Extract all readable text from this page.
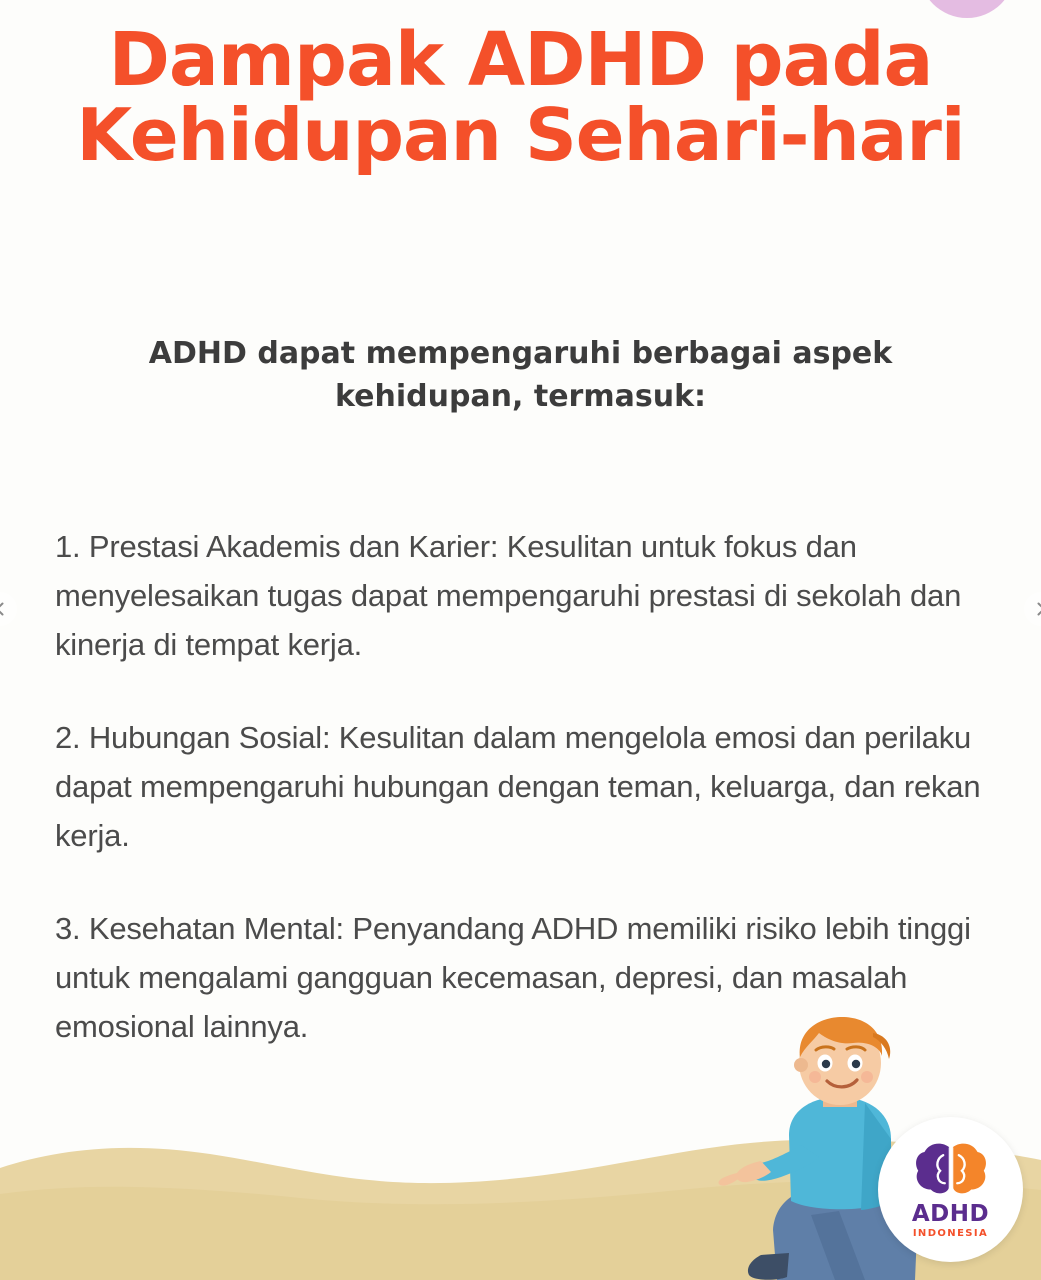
Dampak ADHD pada
Kehidupan Sehari-hari
ADHD dapat mempengaruhi berbagai aspek kehidupan, termasuk:

1. Prestasi Akademis dan Karier: Kesulitan untuk fokus dan menyelesaikan tugas dapat mempengaruhi prestasi di sekolah dan kinerja di tempat kerja.

2. Hubungan Sosial: Kesulitan dalam mengelola emosi dan perilaku dapat mempengaruhi hubungan dengan teman, keluarga, dan rekan kerja.

3. Kesehatan Mental: Penyandang ADHD memiliki risiko lebih tinggi untuk mengalami gangguan kecemasan, depresi, dan masalah emosional lainnya.

ADHD
INDONESIA
